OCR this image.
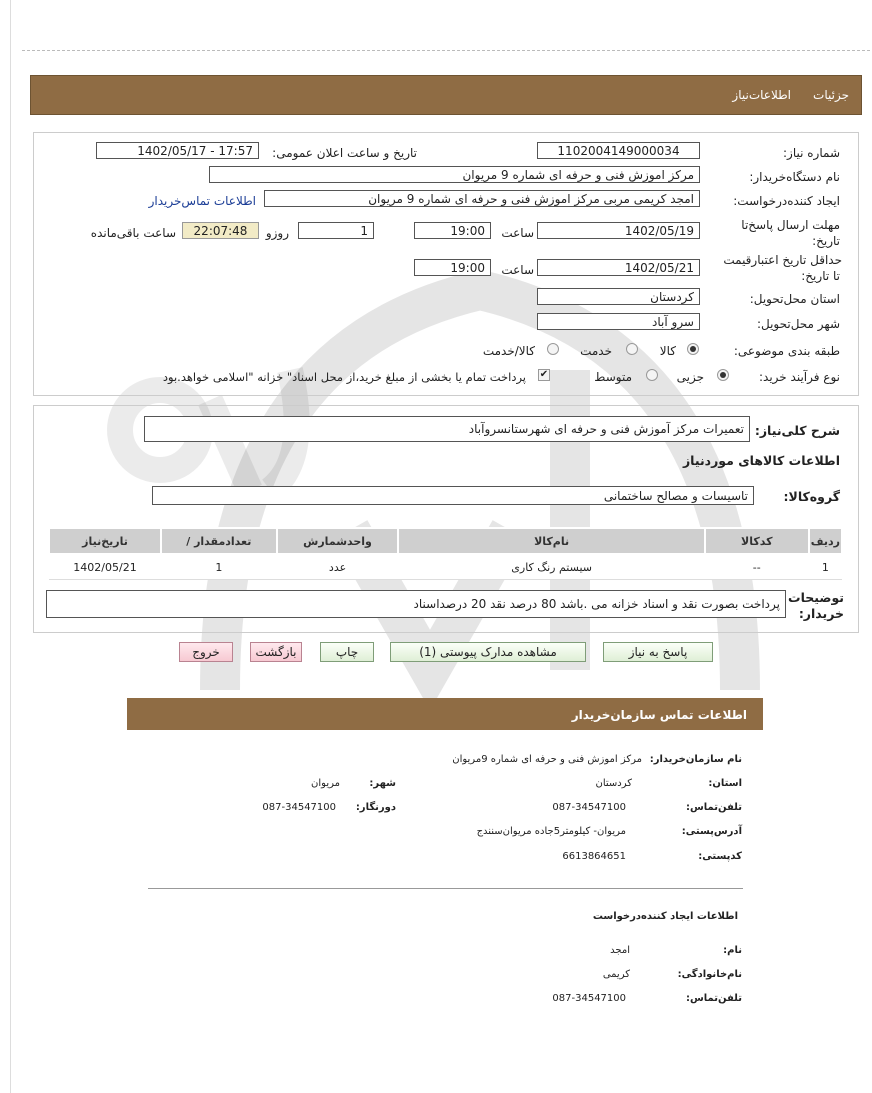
جزئیات
اطلاعات‌نیاز
شماره نیاز:
1102004149000034
تاریخ و ساعت اعلان عمومی:
1402/05/17 - 17:57
نام دستگاه‌خریدار:
مرکز اموزش فنی و حرفه ای شماره 9 مریوان
ایجاد کننده‌درخواست:
امجد کریمی مربی مرکز اموزش فنی و حرفه ای شماره 9 مریوان
اطلاعات تماس‌خریدار
مهلت ارسال پاسخ‌تا
تاریخ:
1402/05/19
ساعت
19:00
1
روزو
22:07:48
ساعت باقی‌مانده
حداقل تاریخ اعتبار‌قیمت
تا تاریخ:
1402/05/21
ساعت
19:00
استان محل‌تحویل:
کردستان
شهر محل‌تحویل:
سرو آباد
طبقه بندی موضوعی:
کالا
خدمت
کالا/خدمت
نوع فرآیند خرید:
جزیی
متوسط
✔
پرداخت تمام یا بخشی از مبلغ خرید،از محل اسناد" خزانه "اسلامی خواهد.بود
شرح کلی‌نیاز:
تعمیرات مرکز آموزش فنی و حرفه ای شهرستانسروآباد
اطلاعات کالاهای موردنیاز
گروه‌کالا:
تاسیسات و مصالح ساختمانی
ردیف	کدکالا	نام‌کالا	واحدشمارش	تعدادمقدار /	تاریخ‌نیاز
1	--	سیستم رنگ کاری	عدد	1	1402/05/21
توضیحات
خریدار:
پرداخت بصورت نقد و اسناد خزانه می .باشد 80 درصد نقد 20 درصداسناد
پاسخ به نیاز
مشاهده مدارک پیوستی (1)
چاپ
بازگشت
خروج
اطلاعات تماس سازمان‌خریدار
نام سازمان‌خریدار:
مرکز اموزش فنی و حرفه ای شماره 9مریوان
استان:
کردستان
شهر:
مریوان
تلفن‌تماس:
087-34547100
دورنگار:
087-34547100
آدرس‌پستی:
مریوان- کیلومتر5جاده مریوان‌سنندج
کد‌پستی:
6613864651
اطلاعات ایجاد کننده‌درخواست
نام:
امجد
نام‌خانوادگی:
کریمی
تلفن‌تماس:
087-34547100
